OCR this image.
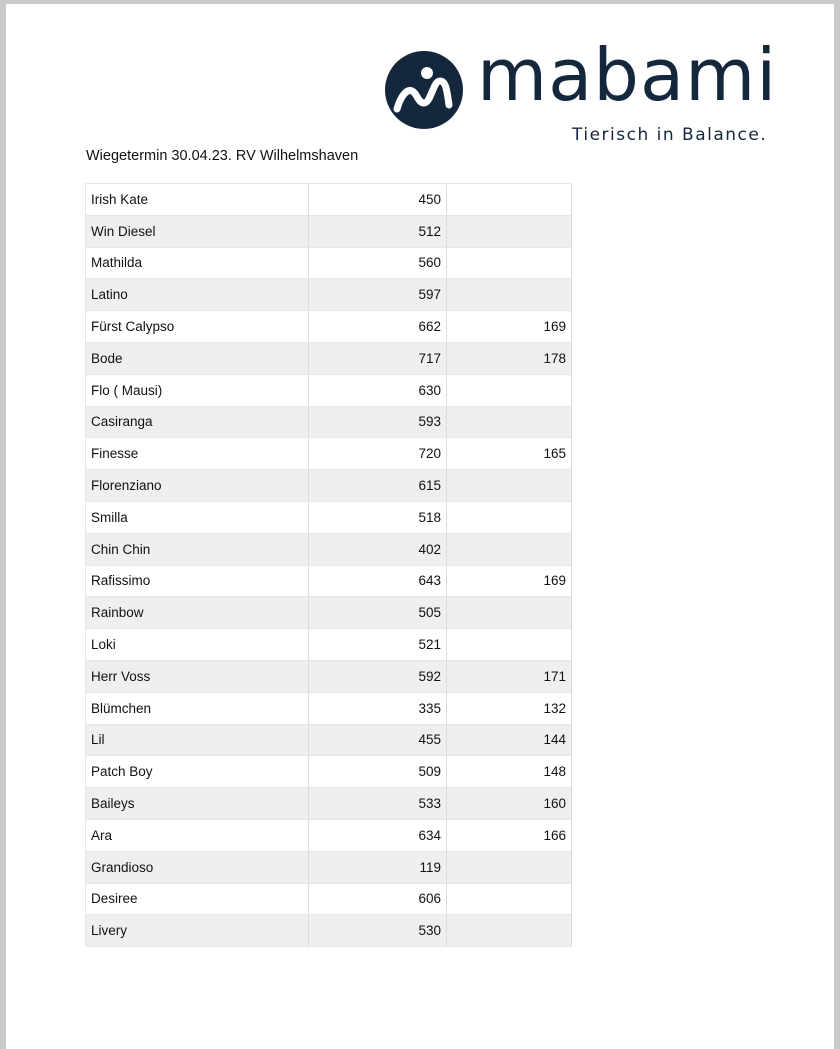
mabami
Tierisch in Balance.
Wiegetermin 30.04.23. RV Wilhelmshaven
Irish Kate	450	
Win Diesel	512	
Mathilda	560	
Latino	597	
Fürst Calypso	662	169
Bode	717	178
Flo ( Mausi)	630	
Casiranga	593	
Finesse	720	165
Florenziano	615	
Smilla	518	
Chin Chin	402	
Rafissimo	643	169
Rainbow	505	
Loki	521	
Herr Voss	592	171
Blümchen	335	132
Lil	455	144
Patch Boy	509	148
Baileys	533	160
Ara	634	166
Grandioso	119	
Desiree	606	
Livery	530	
